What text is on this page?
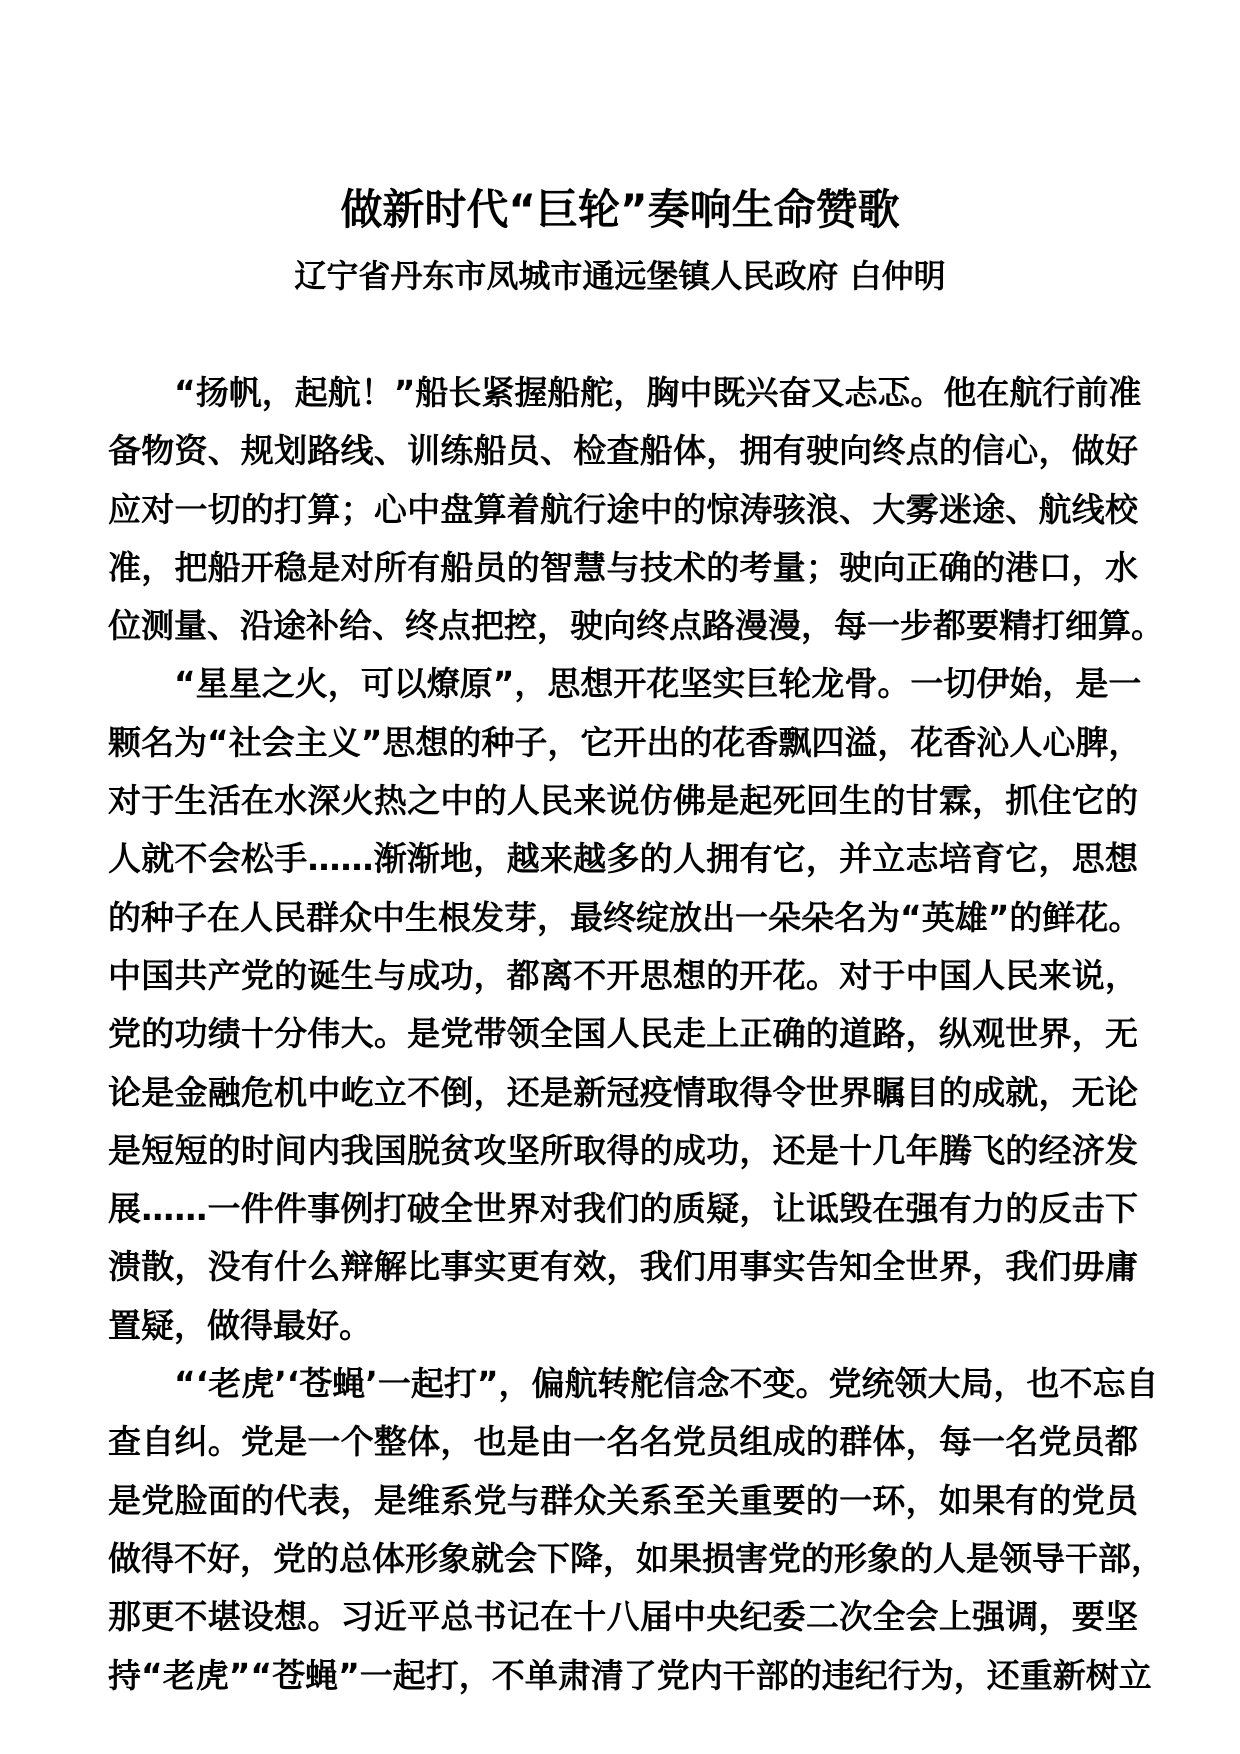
做新时代“巨轮”奏响生命赞歌
辽宁省丹东市凤城市通远堡镇人民政府 白仲明
“扬帆，起航！”船长紧握船舵，胸中既兴奋又忐忑。他在航行前准
备物资、规划路线、训练船员、检查船体，拥有驶向终点的信心，做好
应对一切的打算；心中盘算着航行途中的惊涛骇浪、大雾迷途、航线校
准，把船开稳是对所有船员的智慧与技术的考量；驶向正确的港口，水
位测量、沿途补给、终点把控，驶向终点路漫漫，每一步都要精打细算。
“星星之火，可以燎原”，思想开花坚实巨轮龙骨。一切伊始，是一
颗名为“社会主义”思想的种子，它开出的花香飘四溢，花香沁人心脾，
对于生活在水深火热之中的人民来说仿佛是起死回生的甘霖，抓住它的
人就不会松手……渐渐地，越来越多的人拥有它，并立志培育它，思想
的种子在人民群众中生根发芽，最终绽放出一朵朵名为“英雄”的鲜花。
中国共产党的诞生与成功，都离不开思想的开花。对于中国人民来说，
党的功绩十分伟大。是党带领全国人民走上正确的道路，纵观世界，无
论是金融危机中屹立不倒，还是新冠疫情取得令世界瞩目的成就，无论
是短短的时间内我国脱贫攻坚所取得的成功，还是十几年腾飞的经济发
展……一件件事例打破全世界对我们的质疑，让诋毁在强有力的反击下
溃散，没有什么辩解比事实更有效，我们用事实告知全世界，我们毋庸
置疑，做得最好。
“‘老虎’‘苍蝇’一起打”，偏航转舵信念不变。党统领大局，也不忘自
查自纠。党是一个整体，也是由一名名党员组成的群体，每一名党员都
是党脸面的代表，是维系党与群众关系至关重要的一环，如果有的党员
做得不好，党的总体形象就会下降，如果损害党的形象的人是领导干部，
那更不堪设想。习近平总书记在十八届中央纪委二次全会上强调，要坚
持“老虎”“苍蝇”一起打，不单肃清了党内干部的违纪行为，还重新树立
